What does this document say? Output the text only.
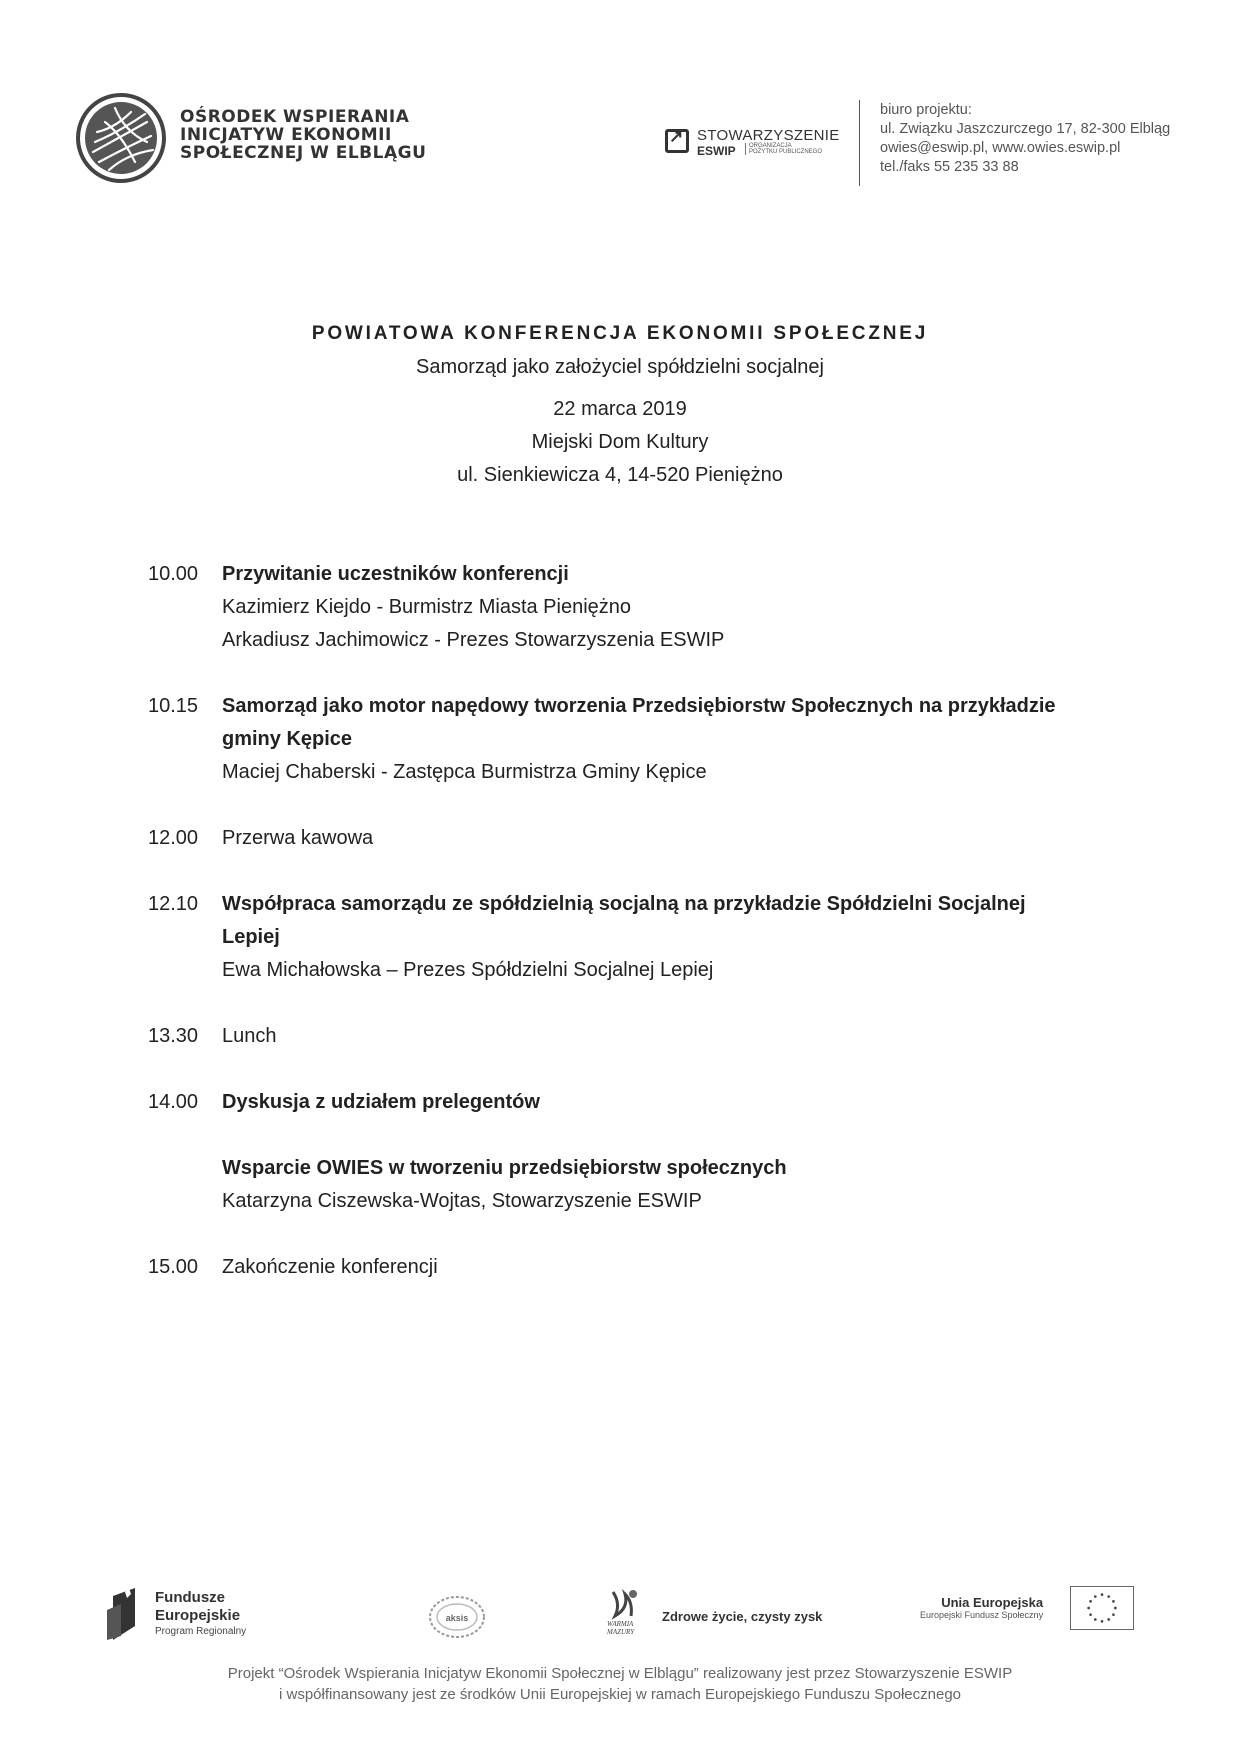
OŚRODEK WSPIERANIA
INICJATYW EKONOMII
SPOŁECZNEJ W ELBLĄGU
↗ STOWARZYSZENIE
ESWIP ORGANIZACJA
POŻYTKU PUBLICZNEGO
biuro projektu:
ul. Związku Jaszczurczego 17, 82-300 Elbląg
owies@eswip.pl, www.owies.eswip.pl
tel./faks 55 235 33 88
POWIATOWA KONFERENCJA EKONOMII SPOŁECZNEJ
Samorząd jako założyciel spółdzielni socjalnej
22 marca 2019
Miejski Dom Kultury
ul. Sienkiewicza 4, 14-520 Pieniężno
10.00	Przywitanie uczestników konferencji
Kazimierz Kiejdo - Burmistrz Miasta Pieniężno
Arkadiusz Jachimowicz - Prezes Stowarzyszenia ESWIP
10.15	Samorząd jako motor napędowy tworzenia Przedsiębiorstw Społecznych na przykładzie
gminy Kępice
Maciej Chaberski - Zastępca Burmistrza Gminy Kępice
12.00	Przerwa kawowa
12.10	Współpraca samorządu ze spółdzielnią socjalną na przykładzie Spółdzielni Socjalnej
Lepiej
Ewa Michałowska – Prezes Spółdzielni Socjalnej Lepiej
13.30	Lunch
14.00	Dyskusja z udziałem prelegentów
Wsparcie OWIES w tworzeniu przedsiębiorstw społecznych
Katarzyna Ciszewska-Wojtas, Stowarzyszenie ESWIP
15.00	Zakończenie konferencji
Fundusze
Europejskie
Program Regionalny
aksis
WARMIA
MAZURY
Zdrowe życie, czysty zysk
Unia Europejska
Europejski Fundusz Społeczny
Projekt “Ośrodek Wspierania Inicjatyw Ekonomii Społecznej w Elblągu” realizowany jest przez Stowarzyszenie ESWIP
i współfinansowany jest ze środków Unii Europejskiej w ramach Europejskiego Funduszu Społecznego
